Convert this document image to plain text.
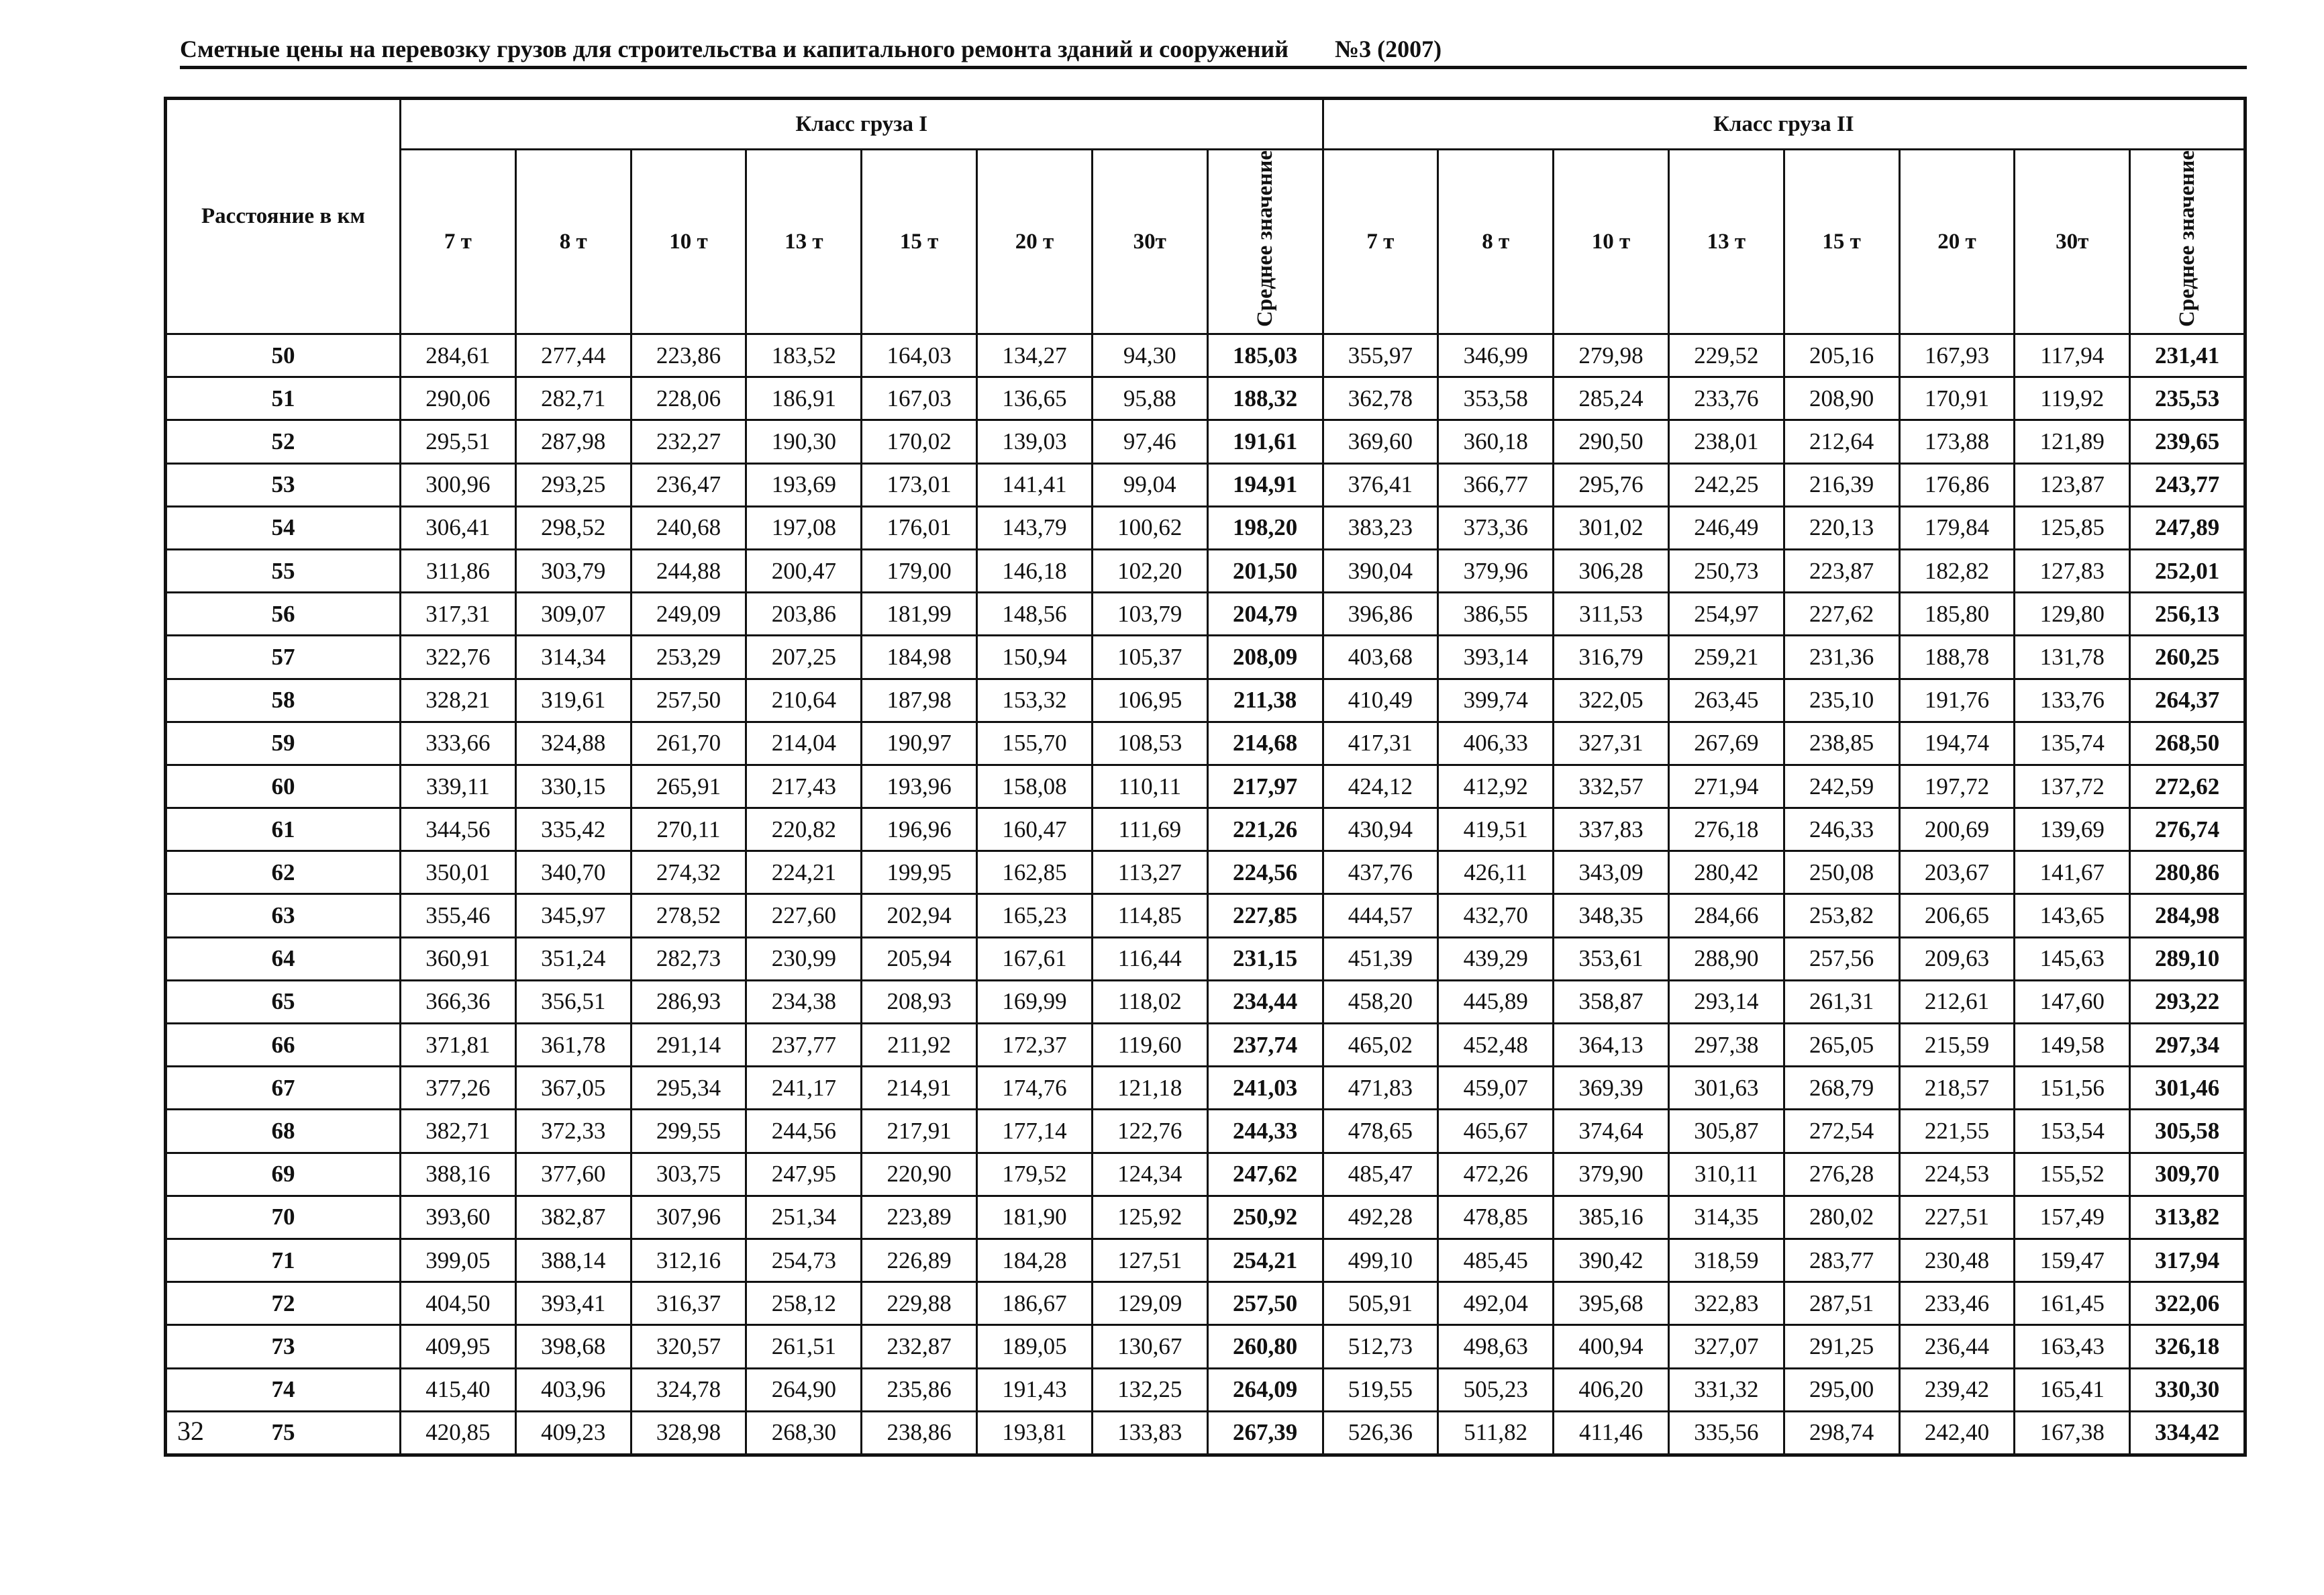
Сметные цены на перевозку грузов для строительства и капитального ремонта зданий и сооружений №3 (2007)
Расстояние в км	Класс груза I								Класс груза II							
	7 т	8 т	10 т	13 т	15 т	20 т	30т	Среднее значение	7 т	8 т	10 т	13 т	15 т	20 т	30т	Среднее значение
50	284,61	277,44	223,86	183,52	164,03	134,27	94,30	185,03	355,97	346,99	279,98	229,52	205,16	167,93	117,94	231,41
51	290,06	282,71	228,06	186,91	167,03	136,65	95,88	188,32	362,78	353,58	285,24	233,76	208,90	170,91	119,92	235,53
52	295,51	287,98	232,27	190,30	170,02	139,03	97,46	191,61	369,60	360,18	290,50	238,01	212,64	173,88	121,89	239,65
53	300,96	293,25	236,47	193,69	173,01	141,41	99,04	194,91	376,41	366,77	295,76	242,25	216,39	176,86	123,87	243,77
54	306,41	298,52	240,68	197,08	176,01	143,79	100,62	198,20	383,23	373,36	301,02	246,49	220,13	179,84	125,85	247,89
55	311,86	303,79	244,88	200,47	179,00	146,18	102,20	201,50	390,04	379,96	306,28	250,73	223,87	182,82	127,83	252,01
56	317,31	309,07	249,09	203,86	181,99	148,56	103,79	204,79	396,86	386,55	311,53	254,97	227,62	185,80	129,80	256,13
57	322,76	314,34	253,29	207,25	184,98	150,94	105,37	208,09	403,68	393,14	316,79	259,21	231,36	188,78	131,78	260,25
58	328,21	319,61	257,50	210,64	187,98	153,32	106,95	211,38	410,49	399,74	322,05	263,45	235,10	191,76	133,76	264,37
59	333,66	324,88	261,70	214,04	190,97	155,70	108,53	214,68	417,31	406,33	327,31	267,69	238,85	194,74	135,74	268,50
60	339,11	330,15	265,91	217,43	193,96	158,08	110,11	217,97	424,12	412,92	332,57	271,94	242,59	197,72	137,72	272,62
61	344,56	335,42	270,11	220,82	196,96	160,47	111,69	221,26	430,94	419,51	337,83	276,18	246,33	200,69	139,69	276,74
62	350,01	340,70	274,32	224,21	199,95	162,85	113,27	224,56	437,76	426,11	343,09	280,42	250,08	203,67	141,67	280,86
63	355,46	345,97	278,52	227,60	202,94	165,23	114,85	227,85	444,57	432,70	348,35	284,66	253,82	206,65	143,65	284,98
64	360,91	351,24	282,73	230,99	205,94	167,61	116,44	231,15	451,39	439,29	353,61	288,90	257,56	209,63	145,63	289,10
65	366,36	356,51	286,93	234,38	208,93	169,99	118,02	234,44	458,20	445,89	358,87	293,14	261,31	212,61	147,60	293,22
66	371,81	361,78	291,14	237,77	211,92	172,37	119,60	237,74	465,02	452,48	364,13	297,38	265,05	215,59	149,58	297,34
67	377,26	367,05	295,34	241,17	214,91	174,76	121,18	241,03	471,83	459,07	369,39	301,63	268,79	218,57	151,56	301,46
68	382,71	372,33	299,55	244,56	217,91	177,14	122,76	244,33	478,65	465,67	374,64	305,87	272,54	221,55	153,54	305,58
69	388,16	377,60	303,75	247,95	220,90	179,52	124,34	247,62	485,47	472,26	379,90	310,11	276,28	224,53	155,52	309,70
70	393,60	382,87	307,96	251,34	223,89	181,90	125,92	250,92	492,28	478,85	385,16	314,35	280,02	227,51	157,49	313,82
71	399,05	388,14	312,16	254,73	226,89	184,28	127,51	254,21	499,10	485,45	390,42	318,59	283,77	230,48	159,47	317,94
72	404,50	393,41	316,37	258,12	229,88	186,67	129,09	257,50	505,91	492,04	395,68	322,83	287,51	233,46	161,45	322,06
73	409,95	398,68	320,57	261,51	232,87	189,05	130,67	260,80	512,73	498,63	400,94	327,07	291,25	236,44	163,43	326,18
74	415,40	403,96	324,78	264,90	235,86	191,43	132,25	264,09	519,55	505,23	406,20	331,32	295,00	239,42	165,41	330,30
75	420,85	409,23	328,98	268,30	238,86	193,81	133,83	267,39	526,36	511,82	411,46	335,56	298,74	242,40	167,38	334,42
32
